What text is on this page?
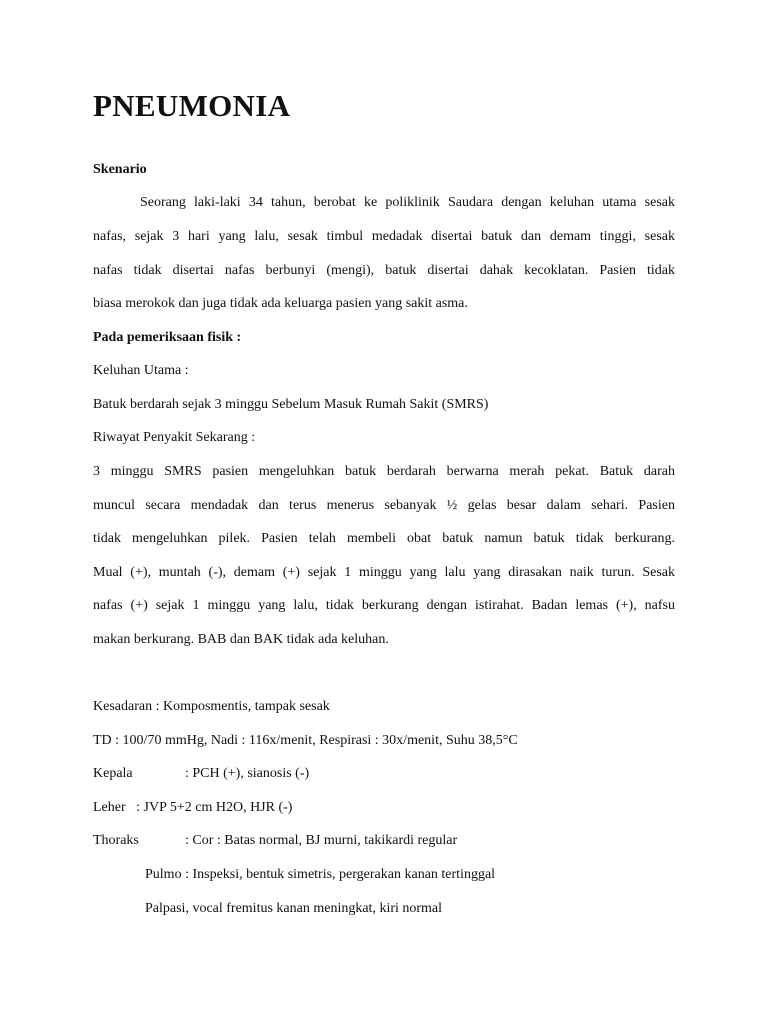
PNEUMONIA
Skenario
Seorang laki-laki 34 tahun, berobat ke poliklinik Saudara dengan keluhan utama sesak
nafas, sejak 3 hari yang lalu, sesak timbul medadak disertai batuk dan demam tinggi, sesak
nafas tidak disertai nafas berbunyi (mengi), batuk disertai dahak kecoklatan. Pasien tidak
biasa merokok dan juga tidak ada keluarga pasien yang sakit asma.
Pada pemeriksaan fisik :
Keluhan Utama :
Batuk berdarah sejak 3 minggu Sebelum Masuk Rumah Sakit (SMRS)
Riwayat Penyakit Sekarang :
3 minggu SMRS pasien mengeluhkan batuk berdarah berwarna merah pekat. Batuk darah
muncul secara mendadak dan terus menerus sebanyak ½ gelas besar dalam sehari. Pasien
tidak mengeluhkan pilek. Pasien telah membeli obat batuk namun batuk tidak berkurang.
Mual (+), muntah (-), demam (+) sejak 1 minggu yang lalu yang dirasakan naik turun. Sesak
nafas (+) sejak 1 minggu yang lalu, tidak berkurang dengan istirahat. Badan lemas (+), nafsu
makan berkurang. BAB dan BAK tidak ada keluhan.
Kesadaran : Komposmentis, tampak sesak
TD : 100/70 mmHg, Nadi : 116x/menit, Respirasi : 30x/menit, Suhu 38,5°C
Kepala	: PCH (+), sianosis (-)
Leher   : JVP 5+2 cm H2O, HJR (-)
Thoraks	: Cor : Batas normal, BJ murni, takikardi regular
Pulmo : Inspeksi, bentuk simetris, pergerakan kanan tertinggal
Palpasi, vocal fremitus kanan meningkat, kiri normal
